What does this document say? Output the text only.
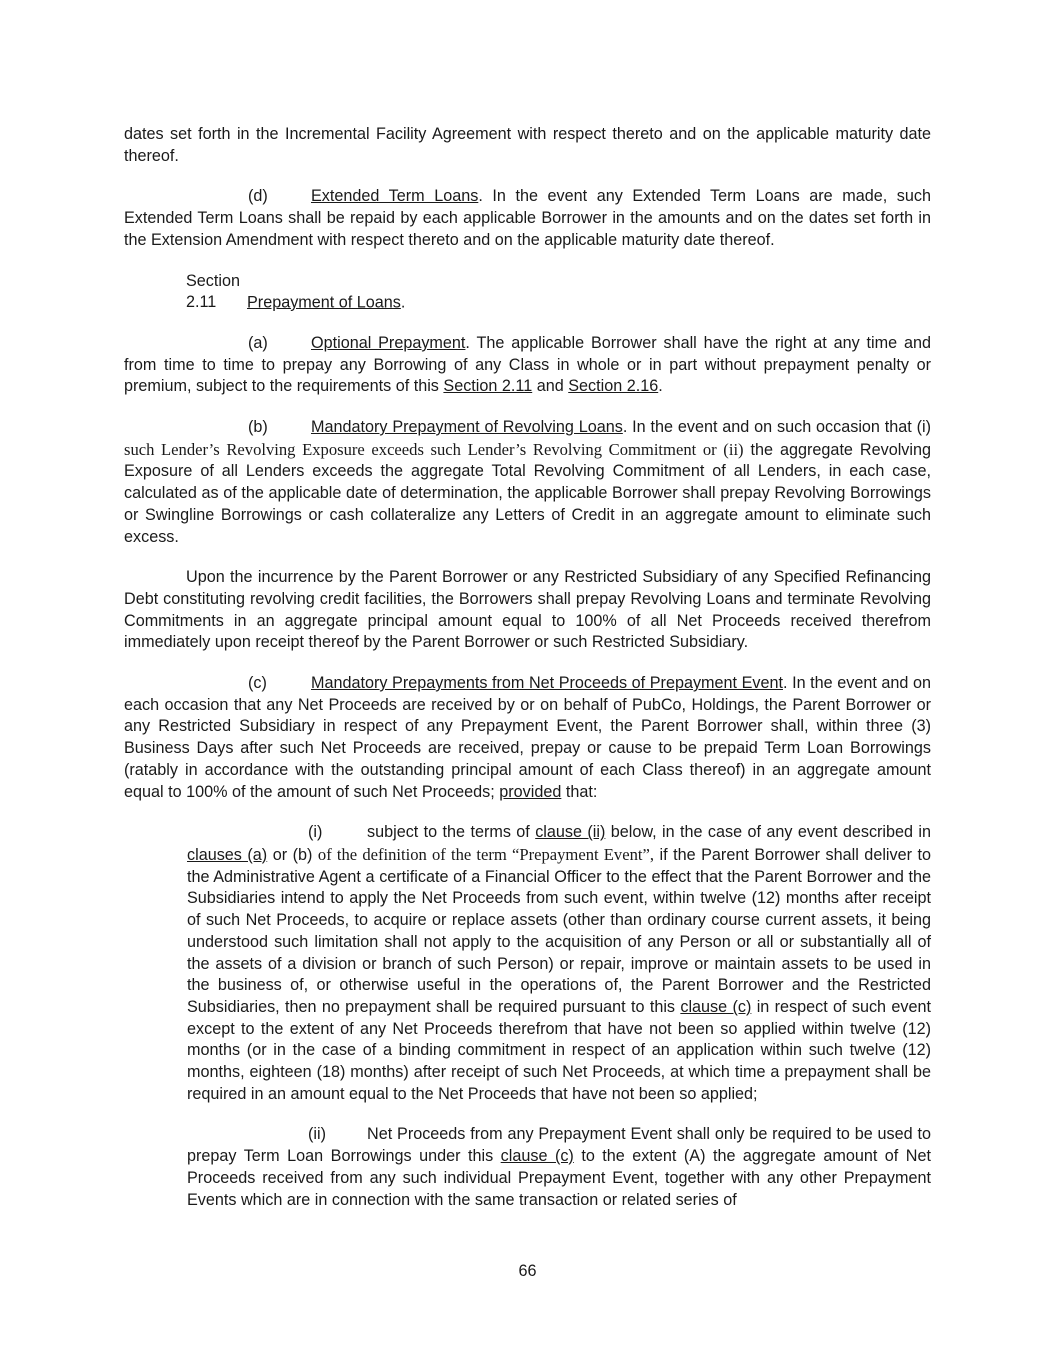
dates set forth in the Incremental Facility Agreement with respect thereto and on the applicable maturity date thereof.

(d)	Extended Term Loans. In the event any Extended Term Loans are made, such Extended Term Loans shall be repaid by each applicable Borrower in the amounts and on the dates set forth in the Extension Amendment with respect thereto and on the applicable maturity date thereof.

Section 2.11 Prepayment of Loans.

(a)	Optional Prepayment. The applicable Borrower shall have the right at any time and from time to time to prepay any Borrowing of any Class in whole or in part without prepayment penalty or premium, subject to the requirements of this Section 2.11 and Section 2.16.

(b)	Mandatory Prepayment of Revolving Loans. In the event and on such occasion that (i) such Lender’s Revolving Exposure exceeds such Lender’s Revolving Commitment or (ii) the aggregate Revolving Exposure of all Lenders exceeds the aggregate Total Revolving Commitment of all Lenders, in each case, calculated as of the applicable date of determination, the applicable Borrower shall prepay Revolving Borrowings or Swingline Borrowings or cash collateralize any Letters of Credit in an aggregate amount to eliminate such excess.

Upon the incurrence by the Parent Borrower or any Restricted Subsidiary of any Specified Refinancing Debt constituting revolving credit facilities, the Borrowers shall prepay Revolving Loans and terminate Revolving Commitments in an aggregate principal amount equal to 100% of all Net Proceeds received therefrom immediately upon receipt thereof by the Parent Borrower or such Restricted Subsidiary.

(c)	Mandatory Prepayments from Net Proceeds of Prepayment Event. In the event and on each occasion that any Net Proceeds are received by or on behalf of PubCo, Holdings, the Parent Borrower or any Restricted Subsidiary in respect of any Prepayment Event, the Parent Borrower shall, within three (3) Business Days after such Net Proceeds are received, prepay or cause to be prepaid Term Loan Borrowings (ratably in accordance with the outstanding principal amount of each Class thereof) in an aggregate amount equal to 100% of the amount of such Net Proceeds; provided that:

(i)	subject to the terms of clause (ii) below, in the case of any event described in clauses (a) or (b) of the definition of the term “Prepayment Event”, if the Parent Borrower shall deliver to the Administrative Agent a certificate of a Financial Officer to the effect that the Parent Borrower and the Subsidiaries intend to apply the Net Proceeds from such event, within twelve (12) months after receipt of such Net Proceeds, to acquire or replace assets (other than ordinary course current assets, it being understood such limitation shall not apply to the acquisition of any Person or all or substantially all of the assets of a division or branch of such Person) or repair, improve or maintain assets to be used in the business of, or otherwise useful in the operations of, the Parent Borrower and the Restricted Subsidiaries, then no prepayment shall be required pursuant to this clause (c) in respect of such event except to the extent of any Net Proceeds therefrom that have not been so applied within twelve (12) months (or in the case of a binding commitment in respect of an application within such twelve (12) months, eighteen (18) months) after receipt of such Net Proceeds, at which time a prepayment shall be required in an amount equal to the Net Proceeds that have not been so applied;

(ii)	Net Proceeds from any Prepayment Event shall only be required to be used to prepay Term Loan Borrowings under this clause (c) to the extent (A) the aggregate amount of Net Proceeds received from any such individual Prepayment Event, together with any other Prepayment Events which are in connection with the same transaction or related series of

66
